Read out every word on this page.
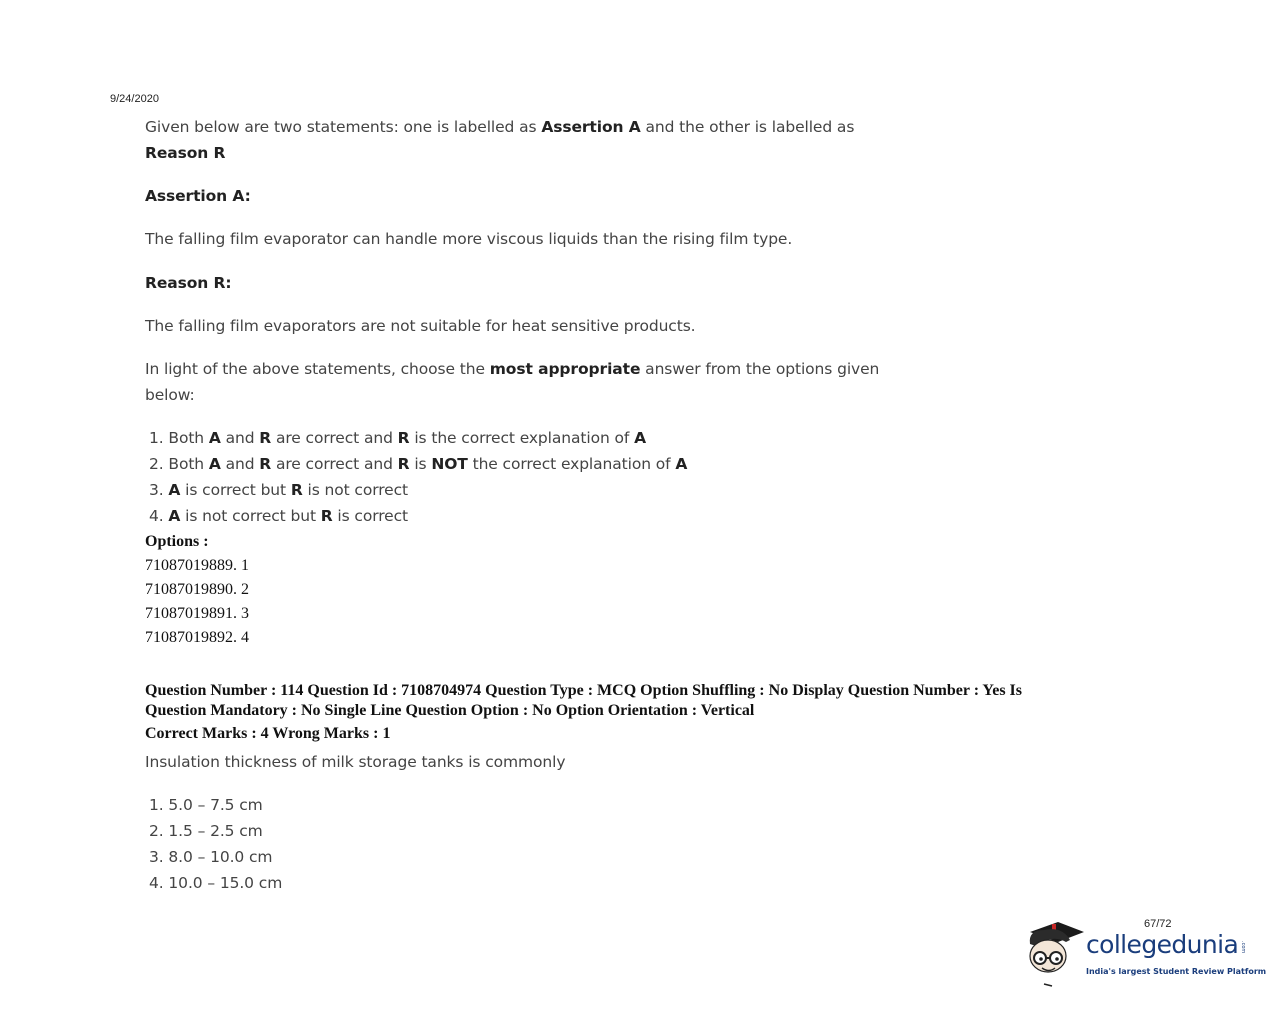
9/24/2020
Given below are two statements: one is labelled as Assertion A and the other is labelled as
Reason R
Assertion A:
The falling film evaporator can handle more viscous liquids than the rising film type.
Reason R:
The falling film evaporators are not suitable for heat sensitive products.
In light of the above statements, choose the most appropriate answer from the options given
below:
1. Both A and R are correct and R is the correct explanation of A
2. Both A and R are correct and R is NOT the correct explanation of A
3. A is correct but R is not correct
4. A is not correct but R is correct
Options :
71087019889. 1
71087019890. 2
71087019891. 3
71087019892. 4
Question Number : 114 Question Id : 7108704974 Question Type : MCQ Option Shuffling : No Display Question Number : Yes Is
Question Mandatory : No Single Line Question Option : No Option Orientation : Vertical
Correct Marks : 4 Wrong Marks : 1
Insulation thickness of milk storage tanks is commonly
1. 5.0 – 7.5 cm
2. 1.5 – 2.5 cm
3. 8.0 – 10.0 cm
4. 10.0 – 15.0 cm
67/72
collegedunia .com
India's largest Student Review Platform
